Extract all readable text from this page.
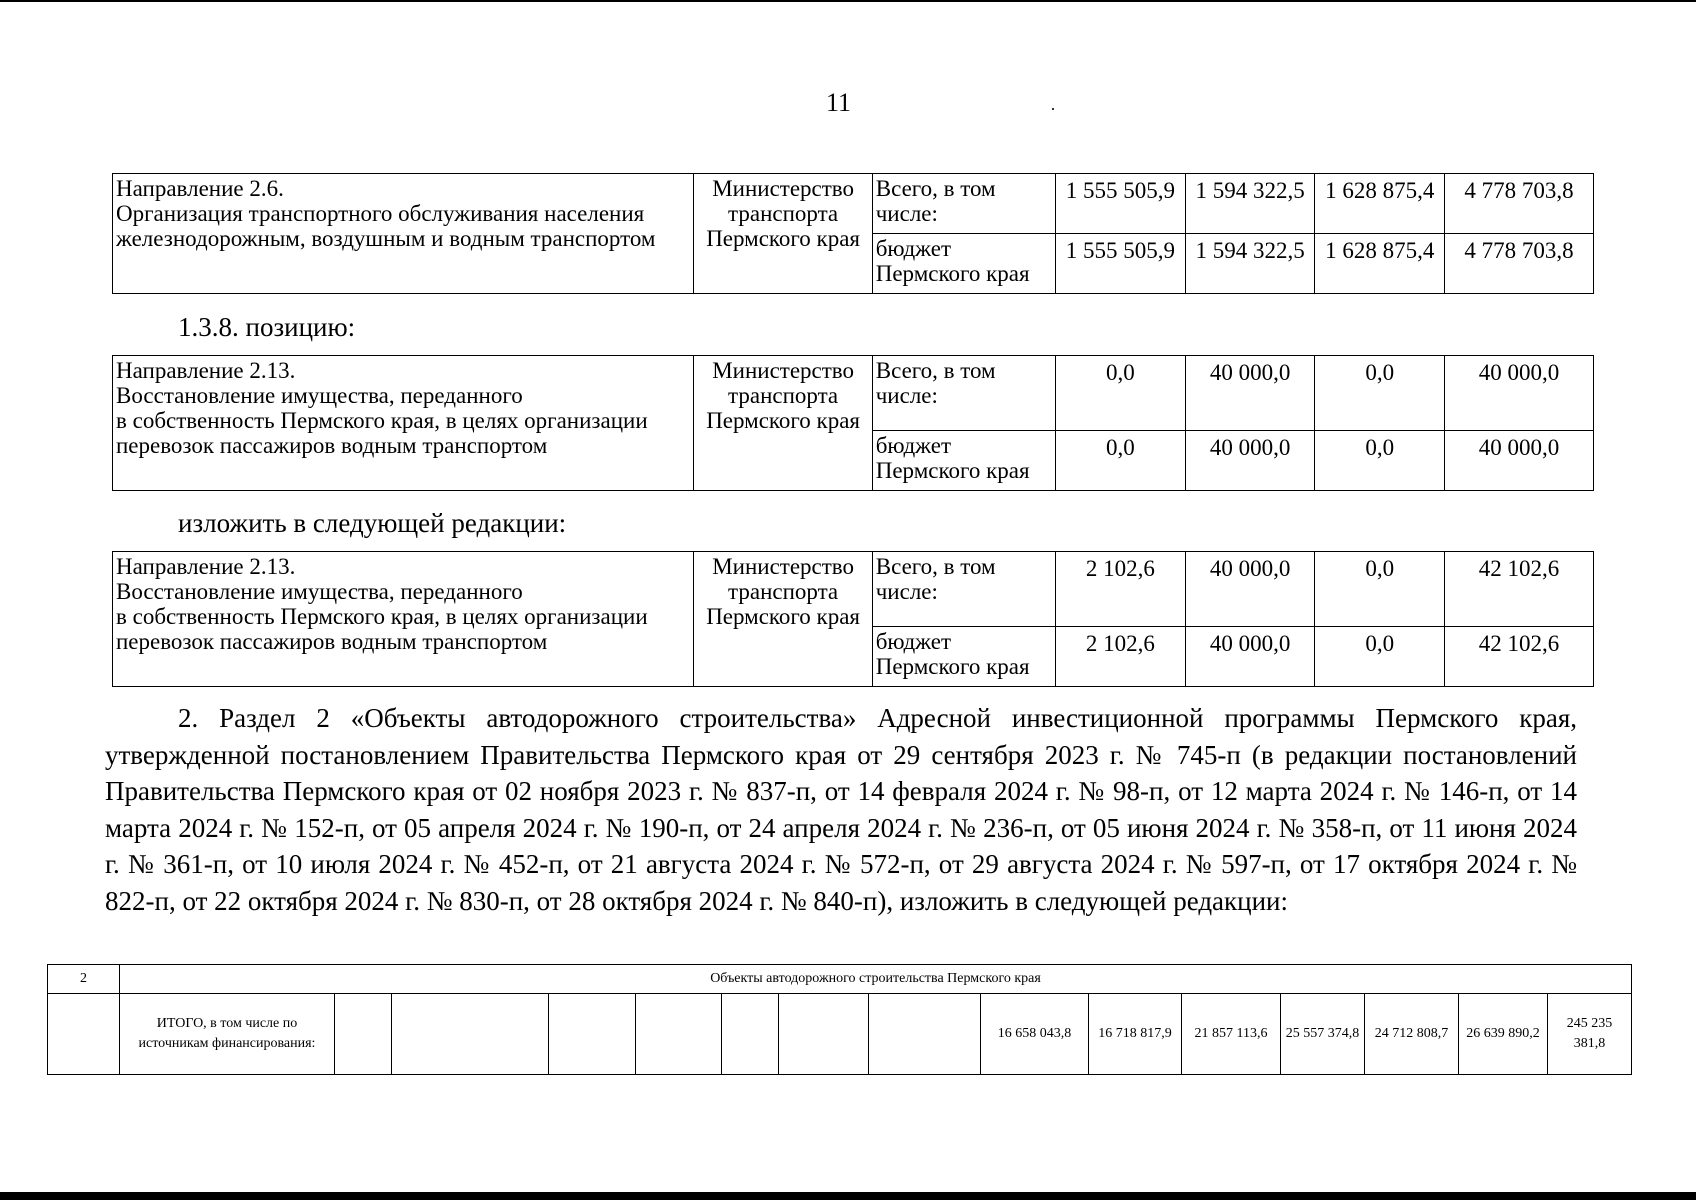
11
Направление 2.6.
Организация транспортного обслуживания населения железнодорожным, воздушным и водным транспортом	Министерство транспорта Пермского края	Всего, в том числе:	1 555 505,9	1 594 322,5	1 628 875,4	4 778 703,8
		бюджет Пермского края	1 555 505,9	1 594 322,5	1 628 875,4	4 778 703,8
1.3.8. позицию:
Направление 2.13.
Восстановление имущества, переданного
в собственность Пермского края, в целях организации перевозок пассажиров водным транспортом	Министерство транспорта Пермского края	Всего, в том числе:	0,0	40 000,0	0,0	40 000,0
		бюджет Пермского края	0,0	40 000,0	0,0	40 000,0
изложить в следующей редакции:
Направление 2.13.
Восстановление имущества, переданного
в собственность Пермского края, в целях организации перевозок пассажиров водным транспортом	Министерство транспорта Пермского края	Всего, в том числе:	2 102,6	40 000,0	0,0	42 102,6
		бюджет Пермского края	2 102,6	40 000,0	0,0	42 102,6

2. Раздел 2 «Объекты автодорожного строительства» Адресной инвестиционной программы Пермского края, утвержденной постановлением Правительства Пермского края от 29 сентября 2023 г. № 745-п (в редакции постановлений Правительства Пермского края от 02 ноября 2023 г. № 837-п, от 14 февраля 2024 г. № 98-п, от 12 марта 2024 г. № 146-п, от 14 марта 2024 г. № 152-п, от 05 апреля 2024 г. № 190-п, от 24 апреля 2024 г. № 236-п, от 05 июня 2024 г. № 358-п, от 11 июня 2024 г. № 361-п, от 10 июля 2024 г. № 452-п, от 21 августа 2024 г. № 572-п, от 29 августа 2024 г. № 597-п, от 17 октября 2024 г. № 822-п, от 22 октября 2024 г. № 830-п, от 28 октября 2024 г. № 840-п), изложить в следующей редакции:

2	Объекты автодорожного строительства Пермского края														
	ИТОГО, в том числе по источникам финансирования:								16 658 043,8	16 718 817,9	21 857 113,6	25 557 374,8	24 712 808,7	26 639 890,2	245 235 381,8
